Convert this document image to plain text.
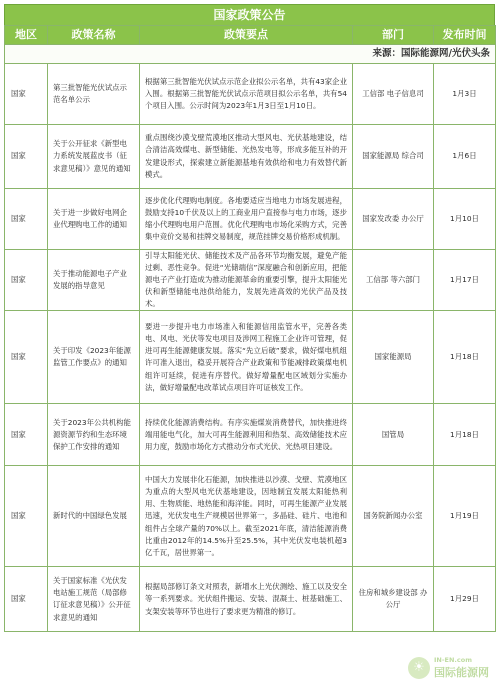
国家政策公告
地区	政策名称	政策要点	部门	发布时间
来源：国际能源网/光伏头条				
国家	第三批智能光伏试点示范名单公示	根据第三批智能光伏试点示范企业拟公示名单，共有43家企业入围。根据第三批智能光伏试点示范项目拟公示名单，共有54个项目入围。公示时间为2023年1月3日至1月10日。	工信部 电子信息司	1月3日
国家	关于公开征求《新型电力系统发展蓝皮书（征求意见稿）》意见的通知	重点围绕沙漠戈壁荒漠地区推动大型风电、光伏基地建设，结合清洁高效煤电、新型储能、光热发电等，形成多能互补的开发建设形式，探索建立新能源基地有效供给和电力有效替代新模式。	国家能源局 综合司	1月6日
国家	关于进一步做好电网企业代理购电工作的通知	逐步优化代理购电制度。各地要适应当地电力市场发展进程，鼓励支持10千伏及以上的工商业用户直接参与电力市场，逐步缩小代理购电用户范围。优化代理购电市场化采购方式，完善集中竞价交易和挂牌交易制度，规范挂牌交易价格形成机制。	国家发改委 办公厅	1月10日
国家	关于推动能源电子产业发展的指导意见	引导太阳能光伏、储能技术及产品各环节均衡发展，避免产能过剩、恶性竞争。促进“光储端信”深度融合和创新应用，把能源电子产业打造成为推动能源革命的重要引擎，提升太阳能光伏和新型储能电池供给能力，发展先进高效的光伏产品及技术。	工信部 等六部门	1月17日
国家	关于印发《2023年能源监管工作要点》的通知	要进一步提升电力市场准入和能源信用监管水平，完善各类电、风电、光伏等发电项目及涉网工程施工企业许可管理，促进可再生能源健康发展。落实“先立后破”要求，做好煤电机组许可准入退出，稳妥开展符合产业政策和节能减排政策煤电机组许可延续，促进有序替代。做好增量配电区域划分实施办法，做好增量配电改革试点项目许可证核发工作。	国家能源局	1月18日
国家	关于2023年公共机构能源资源节约和生态环境保护工作安排的通知	持续优化能源消费结构。有序实施煤炭消费替代，加快推进终端用能电气化，加大可再生能源利用和热泵、高效储能技术应用力度，鼓励市场化方式推动分布式光伏、光热项目建设。	国管局	1月18日
国家	新时代的中国绿色发展	中国大力发展非化石能源，加快推进以沙漠、戈壁、荒漠地区为重点的大型风电光伏基地建设，因地制宜发展太阳能热利用、生物质能、地热能和海洋能。同时，可再生能源产业发展迅速，光伏发电生产规模居世界第一，多晶硅、硅片、电池和组件占全球产量的70%以上。截至2021年底，清洁能源消费比重由2012年的14.5%升至25.5%，其中光伏发电装机超3亿千瓦，居世界第一。	国务院新闻办公室	1月19日
国家	关于国家标准《光伏发电站施工规范（局部修订征求意见稿）》公开征求意见的通知	根据局部修订条文对照表，新增水上光伏测绘、施工以及安全等一系列要求。光伏组件搬运、安装、混凝土、桩基础施工、支架安装等环节也进行了要求更为精准的修订。	住房和城乡建设部 办公厅	1月29日
☀	IN-EN.com
国际能源网
